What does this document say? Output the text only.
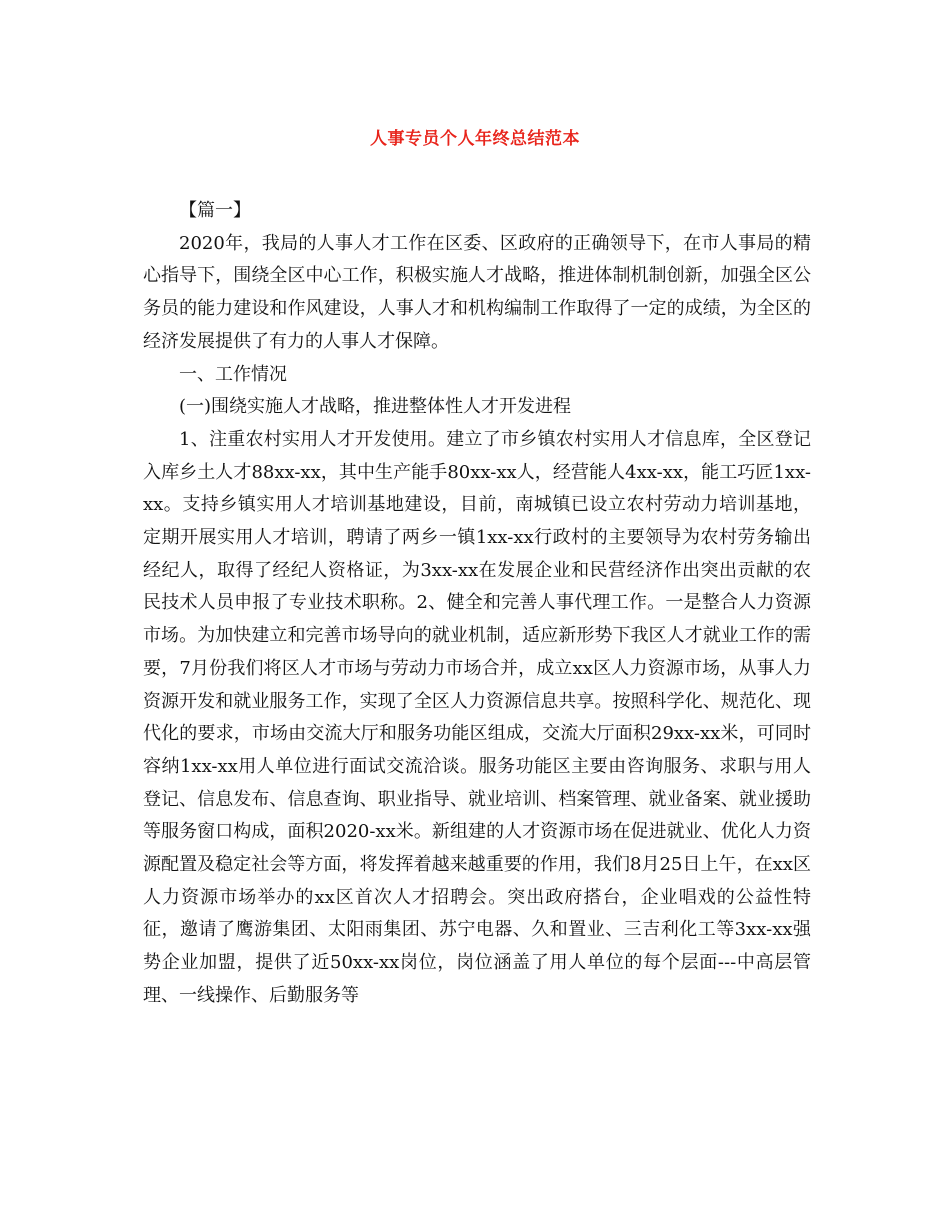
人事专员个人年终总结范本

【篇一】

2020年，我局的人事人才工作在区委、区政府的正确领导下，在市人事局的精心指导下，围绕全区中心工作，积极实施人才战略，推进体制机制创新，加强全区公务员的能力建设和作风建设，人事人才和机构编制工作取得了一定的成绩，为全区的经济发展提供了有力的人事人才保障。

一、工作情况

(一)围绕实施人才战略，推进整体性人才开发进程

1、注重农村实用人才开发使用。建立了市乡镇农村实用人才信息库，全区登记入库乡土人才88xx-xx，其中生产能手80xx-xx人，经营能人4xx-xx，能工巧匠1xx-xx。支持乡镇实用人才培训基地建设，目前，南城镇已设立农村劳动力培训基地，定期开展实用人才培训，聘请了两乡一镇1xx-xx行政村的主要领导为农村劳务输出经纪人，取得了经纪人资格证，为3xx-xx在发展企业和民营经济作出突出贡献的农民技术人员申报了专业技术职称。2、健全和完善人事代理工作。一是整合人力资源市场。为加快建立和完善市场导向的就业机制，适应新形势下我区人才就业工作的需要，7月份我们将区人才市场与劳动力市场合并，成立xx区人力资源市场，从事人力资源开发和就业服务工作，实现了全区人力资源信息共享。按照科学化、规范化、现代化的要求，市场由交流大厅和服务功能区组成，交流大厅面积29xx-xx米，可同时容纳1xx-xx用人单位进行面试交流洽谈。服务功能区主要由咨询服务、求职与用人登记、信息发布、信息查询、职业指导、就业培训、档案管理、就业备案、就业援助等服务窗口构成，面积2020-xx米。新组建的人才资源市场在促进就业、优化人力资源配置及稳定社会等方面，将发挥着越来越重要的作用，我们8月25日上午，在xx区人力资源市场举办的xx区首次人才招聘会。突出政府搭台，企业唱戏的公益性特征，邀请了鹰游集团、太阳雨集团、苏宁电器、久和置业、三吉利化工等3xx-xx强势企业加盟，提供了近50xx-xx岗位，岗位涵盖了用人单位的每个层面---中高层管理、一线操作、后勤服务等
